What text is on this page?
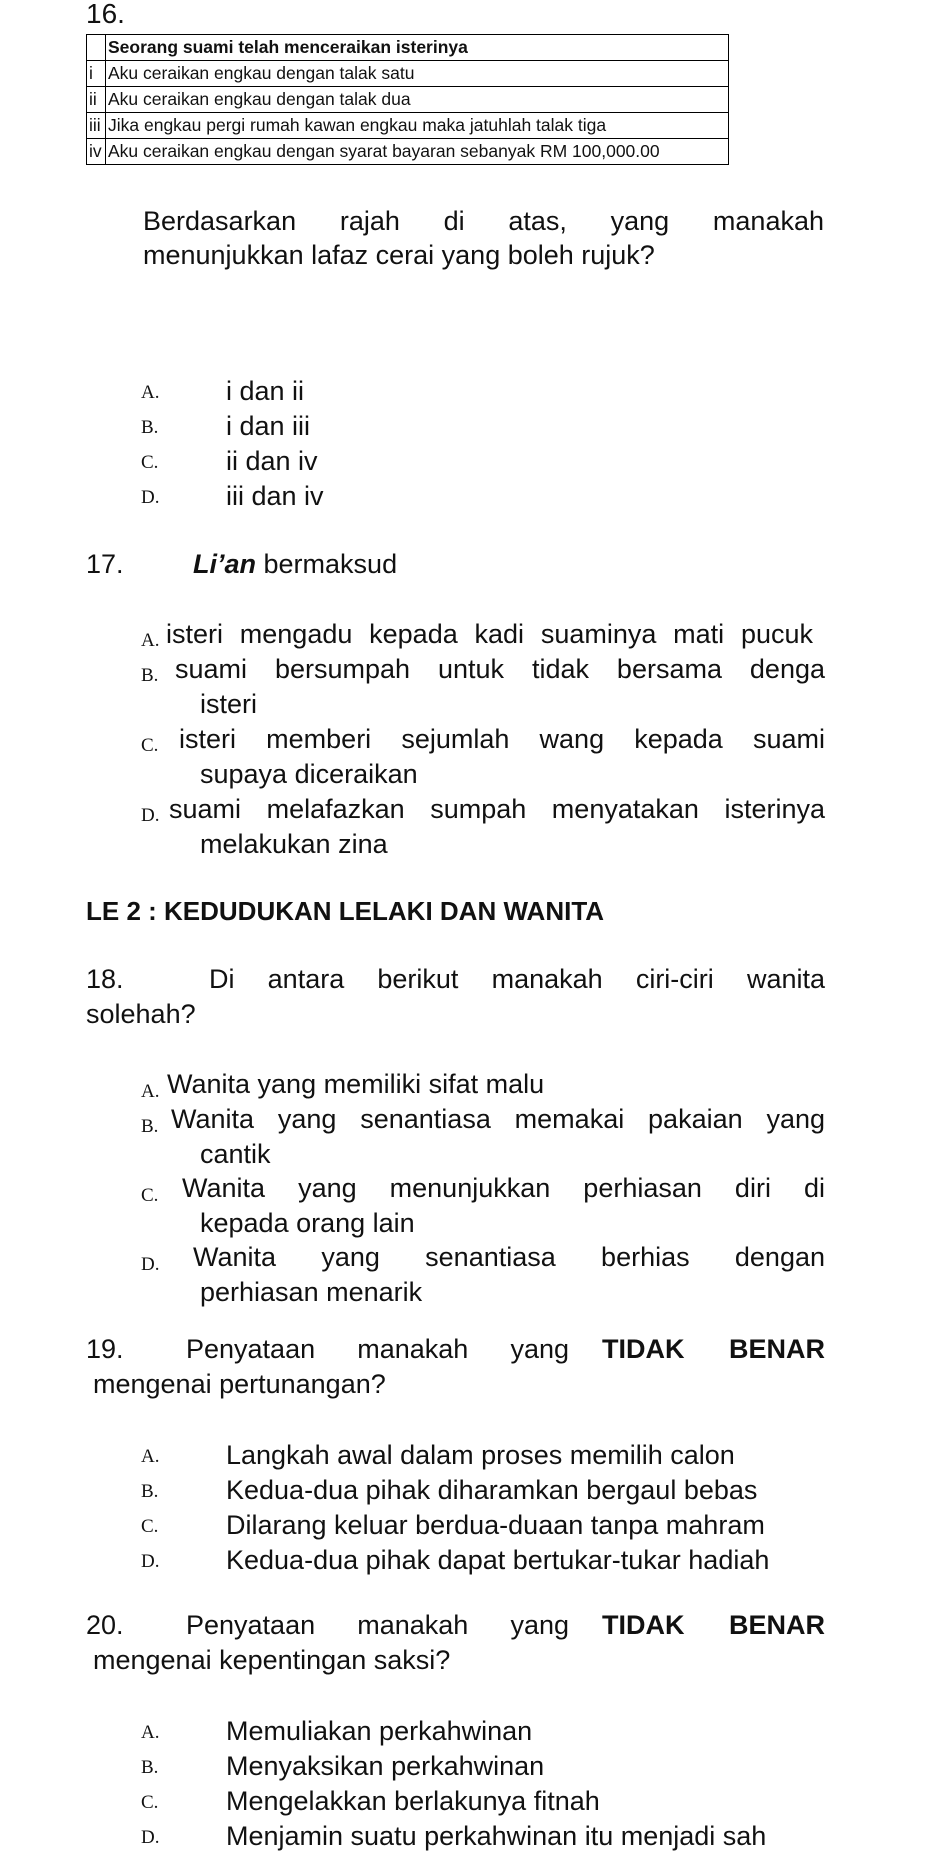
16.
	Seorang suami telah menceraikan isterinya
i	Aku ceraikan engkau dengan talak satu
ii	Aku ceraikan engkau dengan talak dua
iii	Jika engkau pergi rumah kawan engkau maka jatuhlah talak tiga
iv	Aku ceraikan engkau dengan syarat bayaran sebanyak RM 100,000.00
Berdasarkan rajah di atas, yang manakah
menunjukkan lafaz cerai yang boleh rujuk?
A. i dan ii
B.	i dan iii
C.	ii dan iv
D. iii dan iv
17.	Li’an bermaksud
A. isteri mengadu kepada kadi suaminya mati pucuk
B. suami bersumpah untuk tidak bersama denga
isteri
C. isteri memberi sejumlah wang kepada suami
supaya diceraikan
D. suami melafazkan sumpah menyatakan isterinya
melakukan zina
LE 2 : KEDUDUKAN LELAKI DAN WANITA
18.	Di antara berikut manakah ciri-ciri wanita
solehah?
A. Wanita yang memiliki sifat malu
B. Wanita yang senantiasa memakai pakaian yang
cantik
C. Wanita yang menunjukkan perhiasan diri di
kepada orang lain
D. Wanita yang senantiasa berhias dengan
perhiasan menarik
19. Penyataan manakah yang TIDAK BENAR
mengenai pertunangan?
A. Langkah awal dalam proses memilih calon
B.	Kedua-dua pihak diharamkan bergaul bebas
C.	Dilarang keluar berdua-duaan tanpa mahram
D. Kedua-dua pihak dapat bertukar-tukar hadiah
20. Penyataan manakah yang TIDAK BENAR
mengenai kepentingan saksi?
A. Memuliakan perkahwinan
B.	Menyaksikan perkahwinan
C.	Mengelakkan berlakunya fitnah
D. Menjamin suatu perkahwinan itu menjadi sah
